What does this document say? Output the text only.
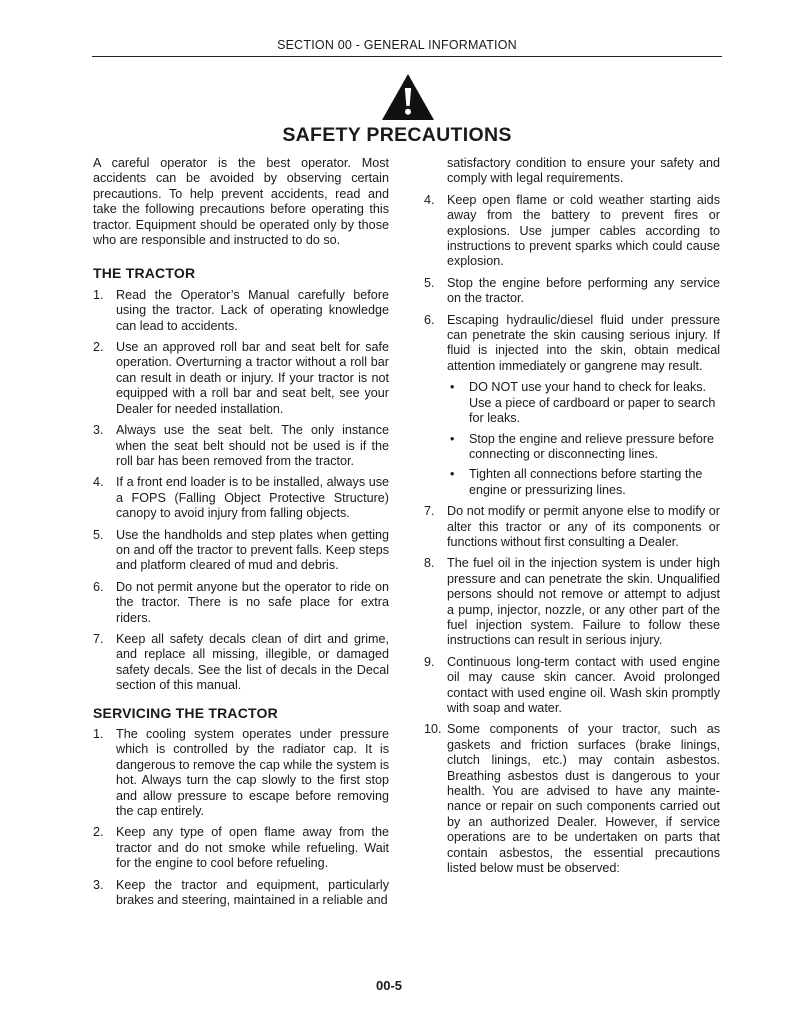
SECTION 00 - GENERAL INFORMATION
SAFETY PRECAUTIONS

A careful operator is the best operator. Most accidents can be avoided by observing certain precautions. To help prevent accidents, read and take the following precautions before operating this tractor. Equipment should be operated only by those who are responsible and instructed to do so.

THE TRACTOR
1. Read the Operator’s Manual carefully before using the tractor. Lack of operating knowledge can lead to accidents.
2. Use an approved roll bar and seat belt for safe operation. Overturning a tractor without a roll bar can result in death or injury. If your tractor is not equipped with a roll bar and seat belt, see your Dealer for needed installation.
3. Always use the seat belt. The only instance when the seat belt should not be used is if the roll bar has been removed from the tractor.
4. If a front end loader is to be installed, always use a FOPS (Falling Object Protective Structure) canopy to avoid injury from falling objects.
5. Use the handholds and step plates when getting on and off the tractor to prevent falls. Keep steps and platform cleared of mud and debris.
6. Do not permit anyone but the operator to ride on the tractor. There is no safe place for extra riders.
7. Keep all safety decals clean of dirt and grime, and replace all missing, illegible, or damaged safety decals. See the list of decals in the Decal section of this manual.
SERVICING THE TRACTOR
1. The cooling system operates under pressure which is controlled by the radiator cap. It is dangerous to remove the cap while the system is hot. Always turn the cap slowly to the first stop and allow pressure to escape before removing the cap entirely.
2. Keep any type of open flame away from the tractor and do not smoke while refueling. Wait for the engine to cool before refueling.
3. Keep the tractor and equipment, particularly brakes and steering, maintained in a reliable and

satisfactory condition to ensure your safety and comply with legal requirements.

4. Keep open flame or cold weather starting aids away from the battery to prevent fires or explosions. Use jumper cables according to instructions to prevent sparks which could cause explosion.
5. Stop the engine before performing any service on the tractor.
6. Escaping hydraulic/diesel fluid under pressure can penetrate the skin causing serious injury. If fluid is injected into the skin, obtain medical attention immediately or gangrene may result.
• DO NOT use your hand to check for leaks. Use a piece of cardboard or paper to search for leaks.
• Stop the engine and relieve pressure before connecting or disconnecting lines.
• Tighten all connections before starting the engine or pressurizing lines.
7. Do not modify or permit anyone else to modify or alter this tractor or any of its components or functions without first consulting a Dealer.
8. The fuel oil in the injection system is under high pressure and can penetrate the skin. Unqualified persons should not remove or attempt to adjust a pump, injector, nozzle, or any other part of the fuel injection system. Failure to follow these instructions can result in serious injury.
9. Continuous long-term contact with used engine oil may cause skin cancer. Avoid prolonged contact with used engine oil. Wash skin promptly with soap and water.
10. Some components of your tractor, such as gaskets and friction surfaces (brake linings, clutch linings, etc.) may contain asbestos. Breathing asbestos dust is dangerous to your health. You are advised to have any mainte-nance or repair on such components carried out by an authorized Dealer. However, if service operations are to be undertaken on parts that contain asbestos, the essential precautions listed below must be observed:
00-5
